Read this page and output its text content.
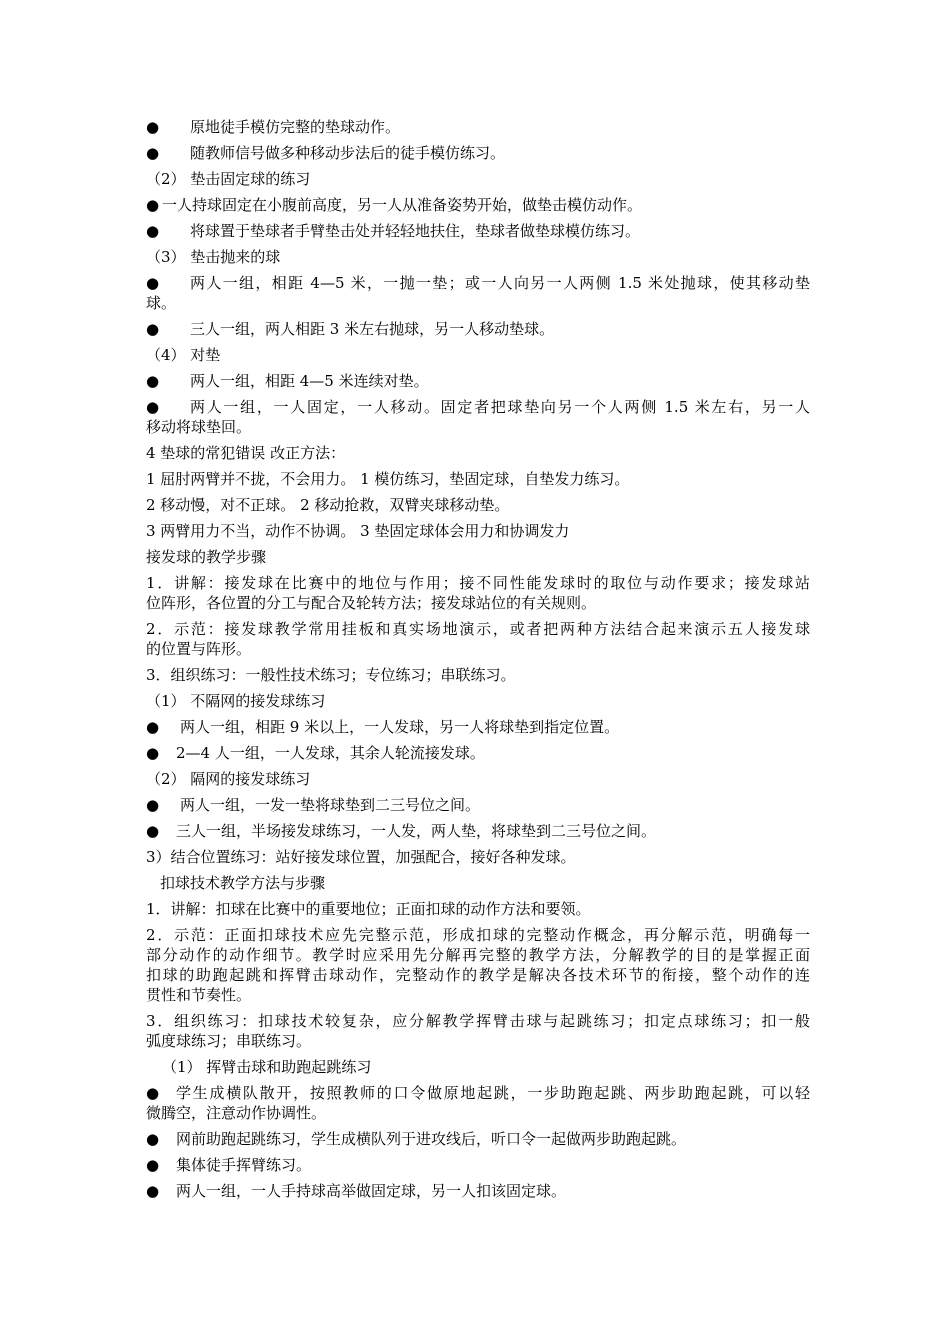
● 原地徒手模仿完整的垫球动作。
● 随教师信号做多种移动步法后的徒手模仿练习。
（2） 垫击固定球的练习
● 一人持球固定在小腹前高度，另一人从准备姿势开始，做垫击模仿动作。
● 将球置于垫球者手臂垫击处并轻轻地扶住，垫球者做垫球模仿练习。
（3） 垫击抛来的球
● 两人一组，相距 4—5 米，一抛一垫；或一人向另一人两侧 1.5 米处抛球，使其移动垫
球。
● 三人一组，两人相距 3 米左右抛球，另一人移动垫球。
（4） 对垫
● 两人一组，相距 4—5 米连续对垫。
● 两人一组，一人固定，一人移动。固定者把球垫向另一个人两侧 1.5 米左右，另一人
移动将球垫回。
4 垫球的常犯错误 改正方法：
1 屈肘两臂并不拢，不会用力。 1 模仿练习，垫固定球，自垫发力练习。
2 移动慢，对不正球。 2 移动抢救，双臂夹球移动垫。
3 两臂用力不当，动作不协调。 3 垫固定球体会用力和协调发力
接发球的教学步骤
1．讲解：接发球在比赛中的地位与作用；接不同性能发球时的取位与动作要求；接发球站
位阵形，各位置的分工与配合及轮转方法；接发球站位的有关规则。
2．示范：接发球教学常用挂板和真实场地演示，或者把两种方法结合起来演示五人接发球
的位置与阵形。
3．组织练习：一般性技术练习；专位练习；串联练习。
（1） 不隔网的接发球练习
● 两人一组，相距 9 米以上，一人发球，另一人将球垫到指定位置。
● 2—4 人一组，一人发球，其余人轮流接发球。
（2） 隔网的接发球练习
● 两人一组，一发一垫将球垫到二三号位之间。
● 三人一组，半场接发球练习，一人发，两人垫，将球垫到二三号位之间。
3）结合位置练习：站好接发球位置，加强配合，接好各种发球。
扣球技术教学方法与步骤
1．讲解：扣球在比赛中的重要地位；正面扣球的动作方法和要领。
2．示范：正面扣球技术应先完整示范，形成扣球的完整动作概念，再分解示范，明确每一
部分动作的动作细节。教学时应采用先分解再完整的教学方法，分解教学的目的是掌握正面
扣球的助跑起跳和挥臂击球动作，完整动作的教学是解决各技术环节的衔接，整个动作的连
贯性和节奏性。
3．组织练习：扣球技术较复杂，应分解教学挥臂击球与起跳练习；扣定点球练习；扣一般
弧度球练习；串联练习。
（1） 挥臂击球和助跑起跳练习
● 学生成横队散开，按照教师的口令做原地起跳，一步助跑起跳、两步助跑起跳，可以轻
微腾空，注意动作协调性。
● 网前助跑起跳练习，学生成横队列于进攻线后，听口令一起做两步助跑起跳。
● 集体徒手挥臂练习。
● 两人一组，一人手持球高举做固定球，另一人扣该固定球。
